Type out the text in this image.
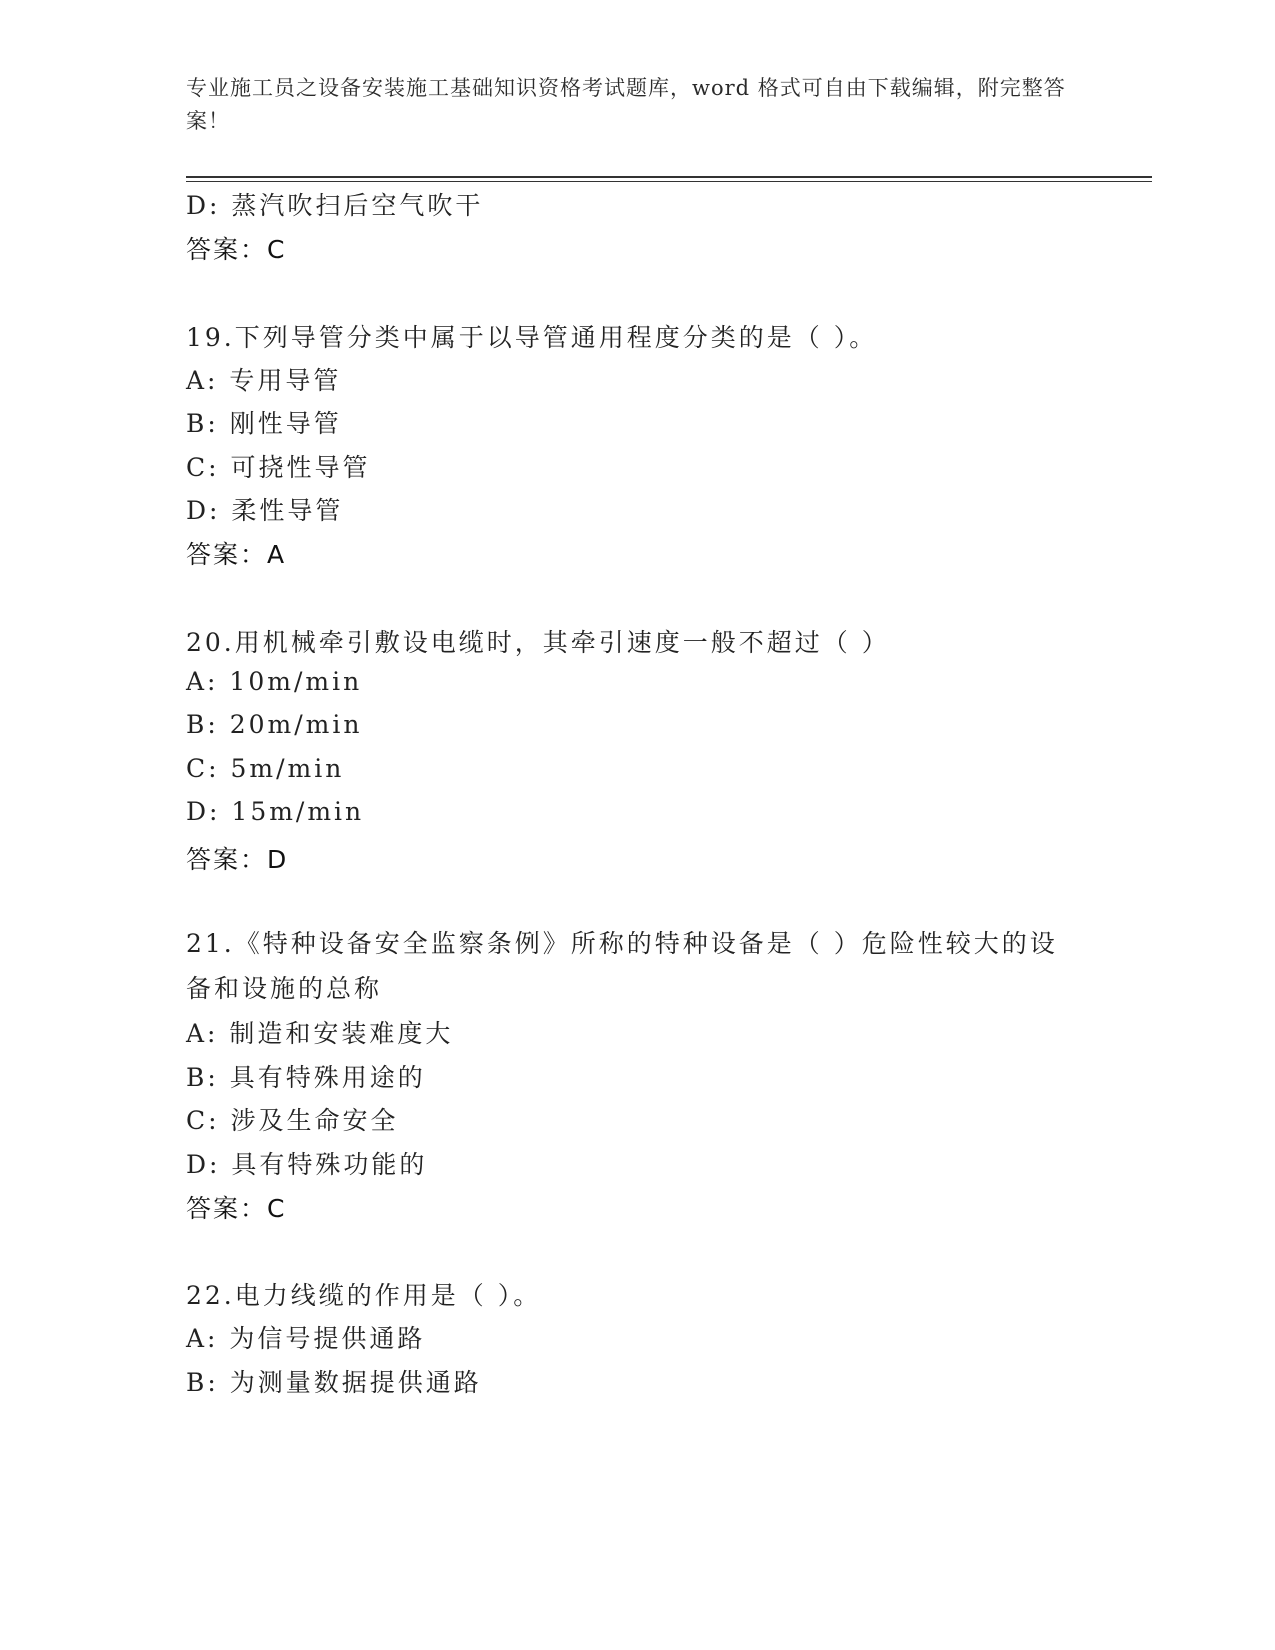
专业施工员之设备安装施工基础知识资格考试题库，word 格式可自由下载编辑，附完整答案！
D: 蒸汽吹扫后空气吹干
答案：C
19.下列导管分类中属于以导管通用程度分类的是（ ）。
A: 专用导管
B: 刚性导管
C: 可挠性导管
D: 柔性导管
答案：A
20.用机械牵引敷设电缆时，其牵引速度一般不超过（ ）
A: 10m/min
B: 20m/min
C: 5m/min
D: 15m/min
答案：D
21.《特种设备安全监察条例》所称的特种设备是（ ）危险性较大的设备和设施的总称
A: 制造和安装难度大
B: 具有特殊用途的
C: 涉及生命安全
D: 具有特殊功能的
答案：C
22.电力线缆的作用是（ ）。
A: 为信号提供通路
B: 为测量数据提供通路
